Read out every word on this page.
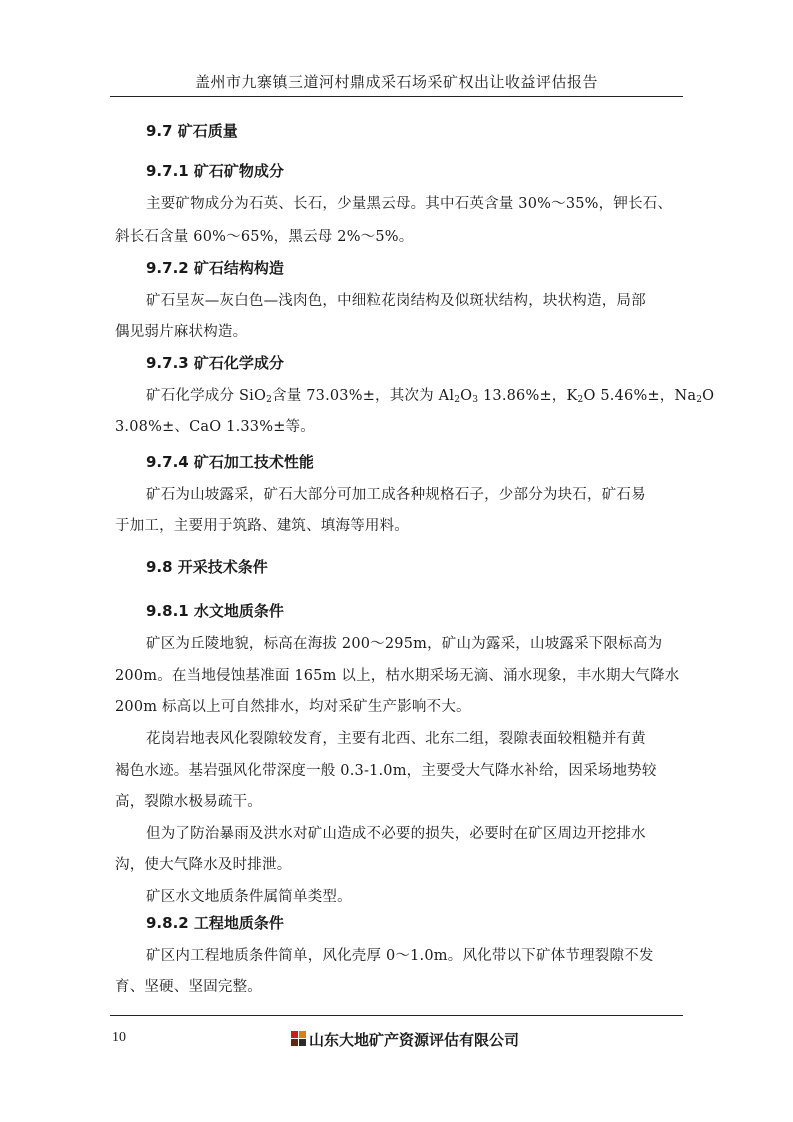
盖州市九寨镇三道河村鼎成采石场采矿权出让收益评估报告
9.7 矿石质量
9.7.1 矿石矿物成分
主要矿物成分为石英、长石，少量黑云母。其中石英含量 30%～35%，钾长石、
斜长石含量 60%～65%，黑云母 2%～5%。
9.7.2 矿石结构构造
矿石呈灰—灰白色—浅肉色，中细粒花岗结构及似斑状结构，块状构造，局部
偶见弱片麻状构造。
9.7.3 矿石化学成分
矿石化学成分 SiO$_2$含量 73.03%±，其次为 $Al_2O_3$ 13.86%±，$K_2O$ 5.46%±，$Na_2O$
3.08%±、CaO 1.33%±等。
9.7.4 矿石加工技术性能
矿石为山坡露采，矿石大部分可加工成各种规格石子，少部分为块石，矿石易
于加工，主要用于筑路、建筑、填海等用料。
9.8 开采技术条件
9.8.1 水文地质条件
矿区为丘陵地貌，标高在海拔 200～295m，矿山为露采，山坡露采下限标高为
200m。在当地侵蚀基准面 165m 以上，枯水期采场无滴、涌水现象，丰水期大气降水
200m 标高以上可自然排水，均对采矿生产影响不大。
花岗岩地表风化裂隙较发育，主要有北西、北东二组，裂隙表面较粗糙并有黄
褐色水迹。基岩强风化带深度一般 0.3-1.0m，主要受大气降水补给，因采场地势较
高，裂隙水极易疏干。
但为了防治暴雨及洪水对矿山造成不必要的损失，必要时在矿区周边开挖排水
沟，使大气降水及时排泄。
矿区水文地质条件属简单类型。
9.8.2 工程地质条件
矿区内工程地质条件简单，风化壳厚 0～1.0m。风化带以下矿体节理裂隙不发
育、坚硬、坚固完整。
10	山东大地矿产资源评估有限公司
